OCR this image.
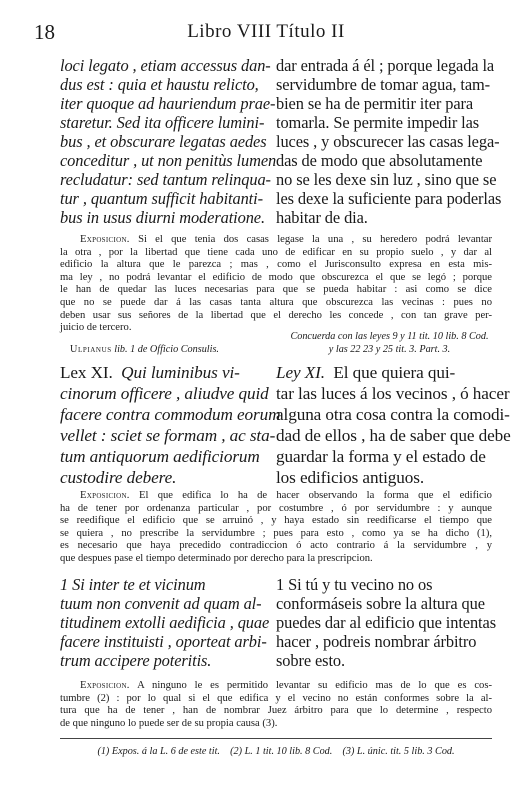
18	Libro VIII Título II
loci legato , etiam accessus dan-
dus est : quia et haustu relicto,
iter quoque ad hauriendum prae-
staretur. Sed ita officere lumini-
bus , et obscurare legatas aedes
conceditur , ut non penitùs lumen
recludatur: sed tantum relinqua-
tur , quantum sufficit habitanti-
bus in usus diurni moderatione.
dar entrada á él ; porque legada la
servidumbre de tomar agua, tam-
bien se ha de permitir iter para
tomarla. Se permite impedir las
luces , y obscurecer las casas lega-
das de modo que absolutamente
no se les dexe sin luz , sino que se
les dexe la suficiente para poderlas
habitar de dia.
Exposicion. Si el que tenia dos casas legase la una , su heredero podrá levantar
la otra , por la libertad que tiene cada uno de edificar en su propio suelo , y dar al
edificio la altura que le parezca ; mas , como el Jurisconsulto expresa en esta mis-
ma ley , no podrá levantar el edificio de modo que obscurezca el que se legó ; porque
le han de quedar las luces necesarias para que se pueda habitar : asi como se dice
que no se puede dar á las casas tanta altura que obscurezca las vecinas : pues no
deben usar sus señores de la libertad que el derecho les concede , con tan grave per-
juicio de tercero.
Ulpianus lib. 1 de Officio Consulis.
Concuerda con las leyes 9 y 11 tit. 10 lib. 8 Cod.
y las 22 23 y 25 tit. 3. Part. 3.
Lex XI. Qui luminibus vi-
cinorum officere , aliudve quid
facere contra commodum eorum
vellet : sciet se formam , ac sta-
tum antiquorum aedificiorum
custodire debere.
Ley XI. El que quiera qui-
tar las luces á los vecinos , ó hacer
alguna otra cosa contra la comodi-
dad de ellos , ha de saber que debe
guardar la forma y el estado de
los edificios antiguos.
Exposicion. El que edifica lo ha de hacer observando la forma que el edificio
ha de tener por ordenanza particular , por costumbre , ó por servidumbre : y aunque
se reedifique el edificio que se arruinó , y haya estado sin reedificarse el tiempo que
se quiera , no prescribe la servidumbre ; pues para esto , como ya se ha dicho (1),
es necesario que haya precedido contradiccion ó acto contrario á la servidumbre , y
que despues pase el tiempo determinado por derecho para la prescripcion.
1 Si inter te et vicinum
tuum non convenit ad quam al-
titudinem extolli aedificia , quae
facere instituisti , oporteat arbi-
trum accipere poteritis.
1 Si tú y tu vecino no os
conformáseis sobre la altura que
puedes dar al edificio que intentas
hacer , podreis nombrar árbitro
sobre esto.
Exposicion. A ninguno le es permitido levantar su edificio mas de lo que es cos-
tumbre (2) : por lo qual si el que edifica y el vecino no están conformes sobre la al-
tura que ha de tener , han de nombrar Juez árbitro para que lo determine , respecto
de que ninguno lo puede ser de su propia causa (3).
(1) Expos. á la L. 6 de este tit. (2) L. 1 tit. 10 lib. 8 Cod. (3) L. únic. tit. 5 lib. 3 Cod.
